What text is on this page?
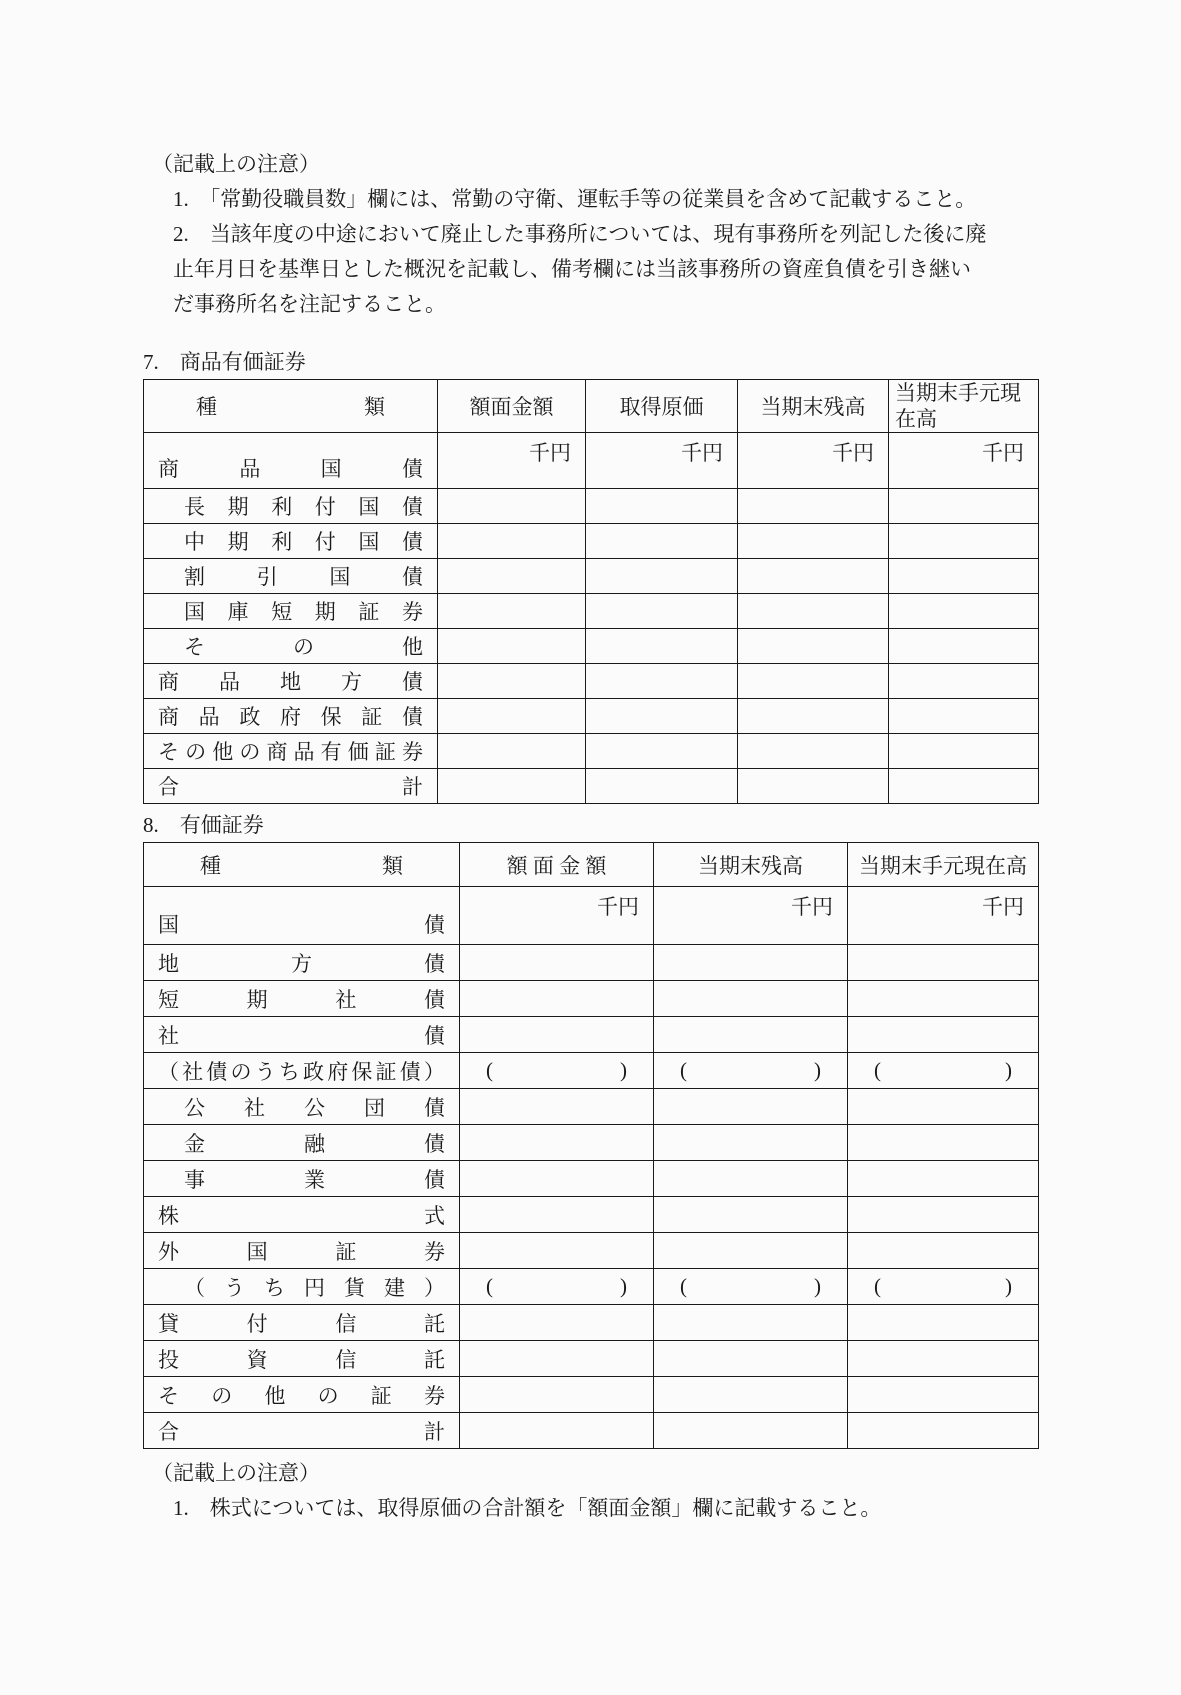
（記載上の注意）
1.　「常勤役職員数」欄には、常勤の守衛、運転手等の従業員を含めて記載すること。
2.　当該年度の中途において廃止した事務所については、現有事務所を列記した後に廃
止年月日を基準日とした概況を記載し、備考欄には当該事務所の資産負債を引き継い
だ事務所名を注記すること。
7.　商品有価証券
種 類	額面金額	取得原価	当期末残高	当期末手元現在高

商 品 国 債	千円	千円	千円	千円

長 期 利 付 国 債

中 期 利 付 国 債

割 引 国 債				

国 庫 短 期 証 券

そ の 他				

商 品 地 方 債				

商 品 政 府 保 証 債

そ の 他 の 商 品 有 価 証 券

合 計				

8.　有価証券
種 類	額 面 金 額	当期末残高	当期末手元現在高

国 債	千円	千円	千円

地 方 債			

短 期 社 債			

社 債			

（ 社 債 の う ち 政 府 保 証 債 ）	(	)	(	)	(	)

公 社 公 団 債			

金 融 債			

事 業 債			

株 式			

外 国 証 券			

（ う ち 円 貨 建 ）	(	)	(	)	(	)

貸 付 信 託			

投 資 信 託			

そ の 他 の 証 券

合 計			

（記載上の注意）
1.　株式については、取得原価の合計額を「額面金額」欄に記載すること。
